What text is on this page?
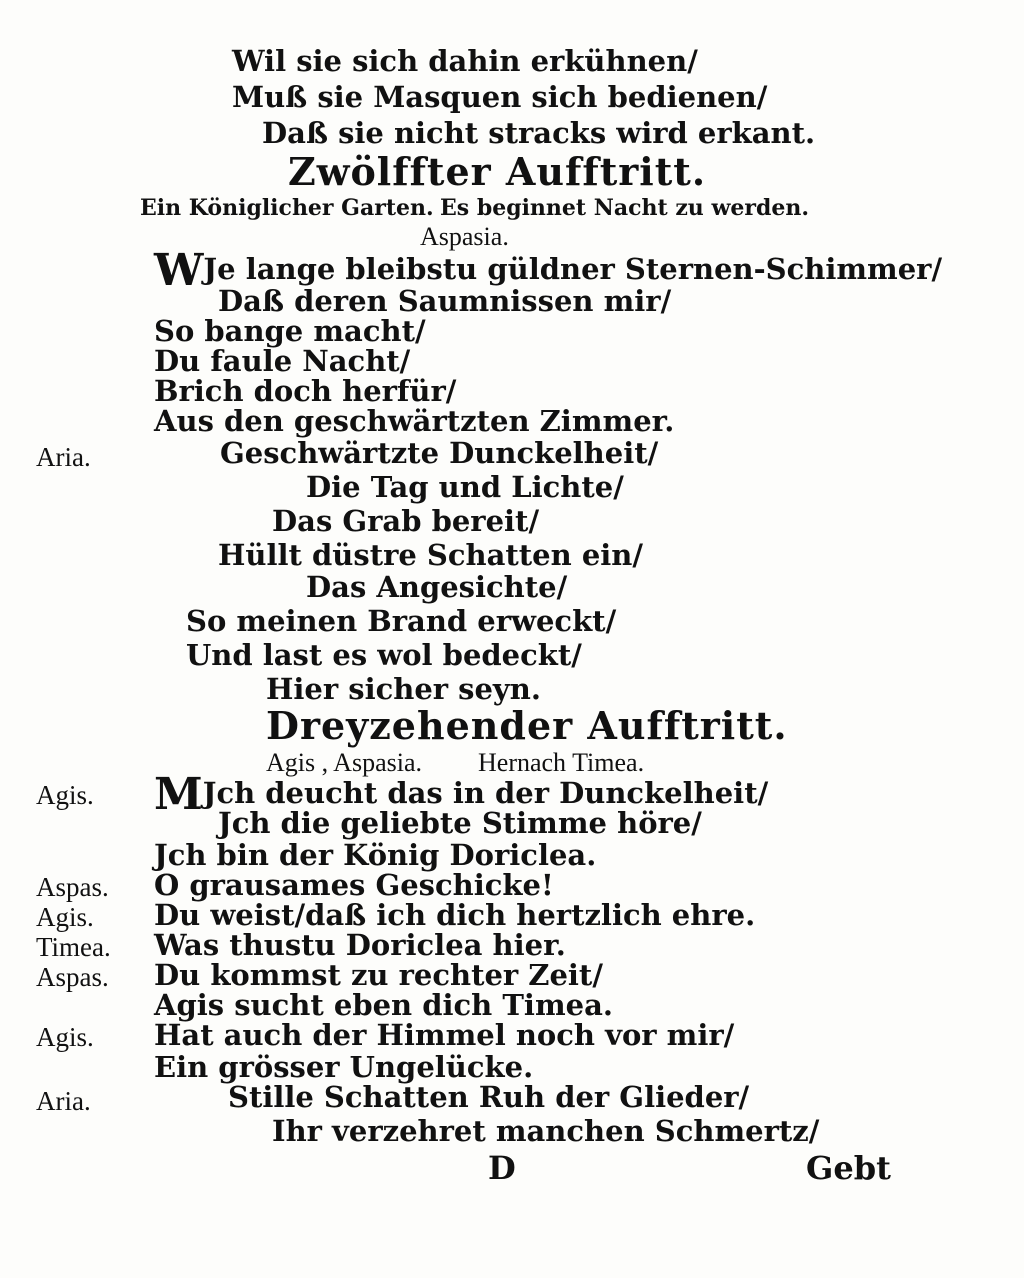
Wil sie sich dahin erkühnen/
Muß sie Masquen sich bedienen/
Daß sie nicht stracks wird erkant.
Zwölffter Aufftritt.
Ein Königlicher Garten. Es beginnet Nacht zu werden.
Aspasia.
WJe lange bleibstu güldner Sternen-Schimmer/
Daß deren Saumnissen mir/
So bange macht/
Du faule Nacht/
Brich doch herfür/
Aus den geschwärtzten Zimmer.
Aria.	Geschwärtzte Dunckelheit/
Die Tag und Lichte/
Das Grab bereit/
Hüllt düstre Schatten ein/
Das Angesichte/
So meinen Brand erweckt/
Und last es wol bedeckt/
Hier sicher seyn.
Dreyzehender Aufftritt.
Agis , Aspasia. Hernach Timea.
Agis. MJch deucht das in der Dunckelheit/
Jch die geliebte Stimme höre/
Jch bin der König Doriclea.
Aspas. O grausames Geschicke!
Agis. Du weist/daß ich dich hertzlich ehre.
Timea. Was thustu Doriclea hier.
Aspas. Du kommst zu rechter Zeit/
Agis sucht eben dich Timea.
Agis. Hat auch der Himmel noch vor mir/
Ein grösser Ungelücke.
Aria.	Stille Schatten Ruh der Glieder/
Ihr verzehret manchen Schmertz/
D	Gebt
